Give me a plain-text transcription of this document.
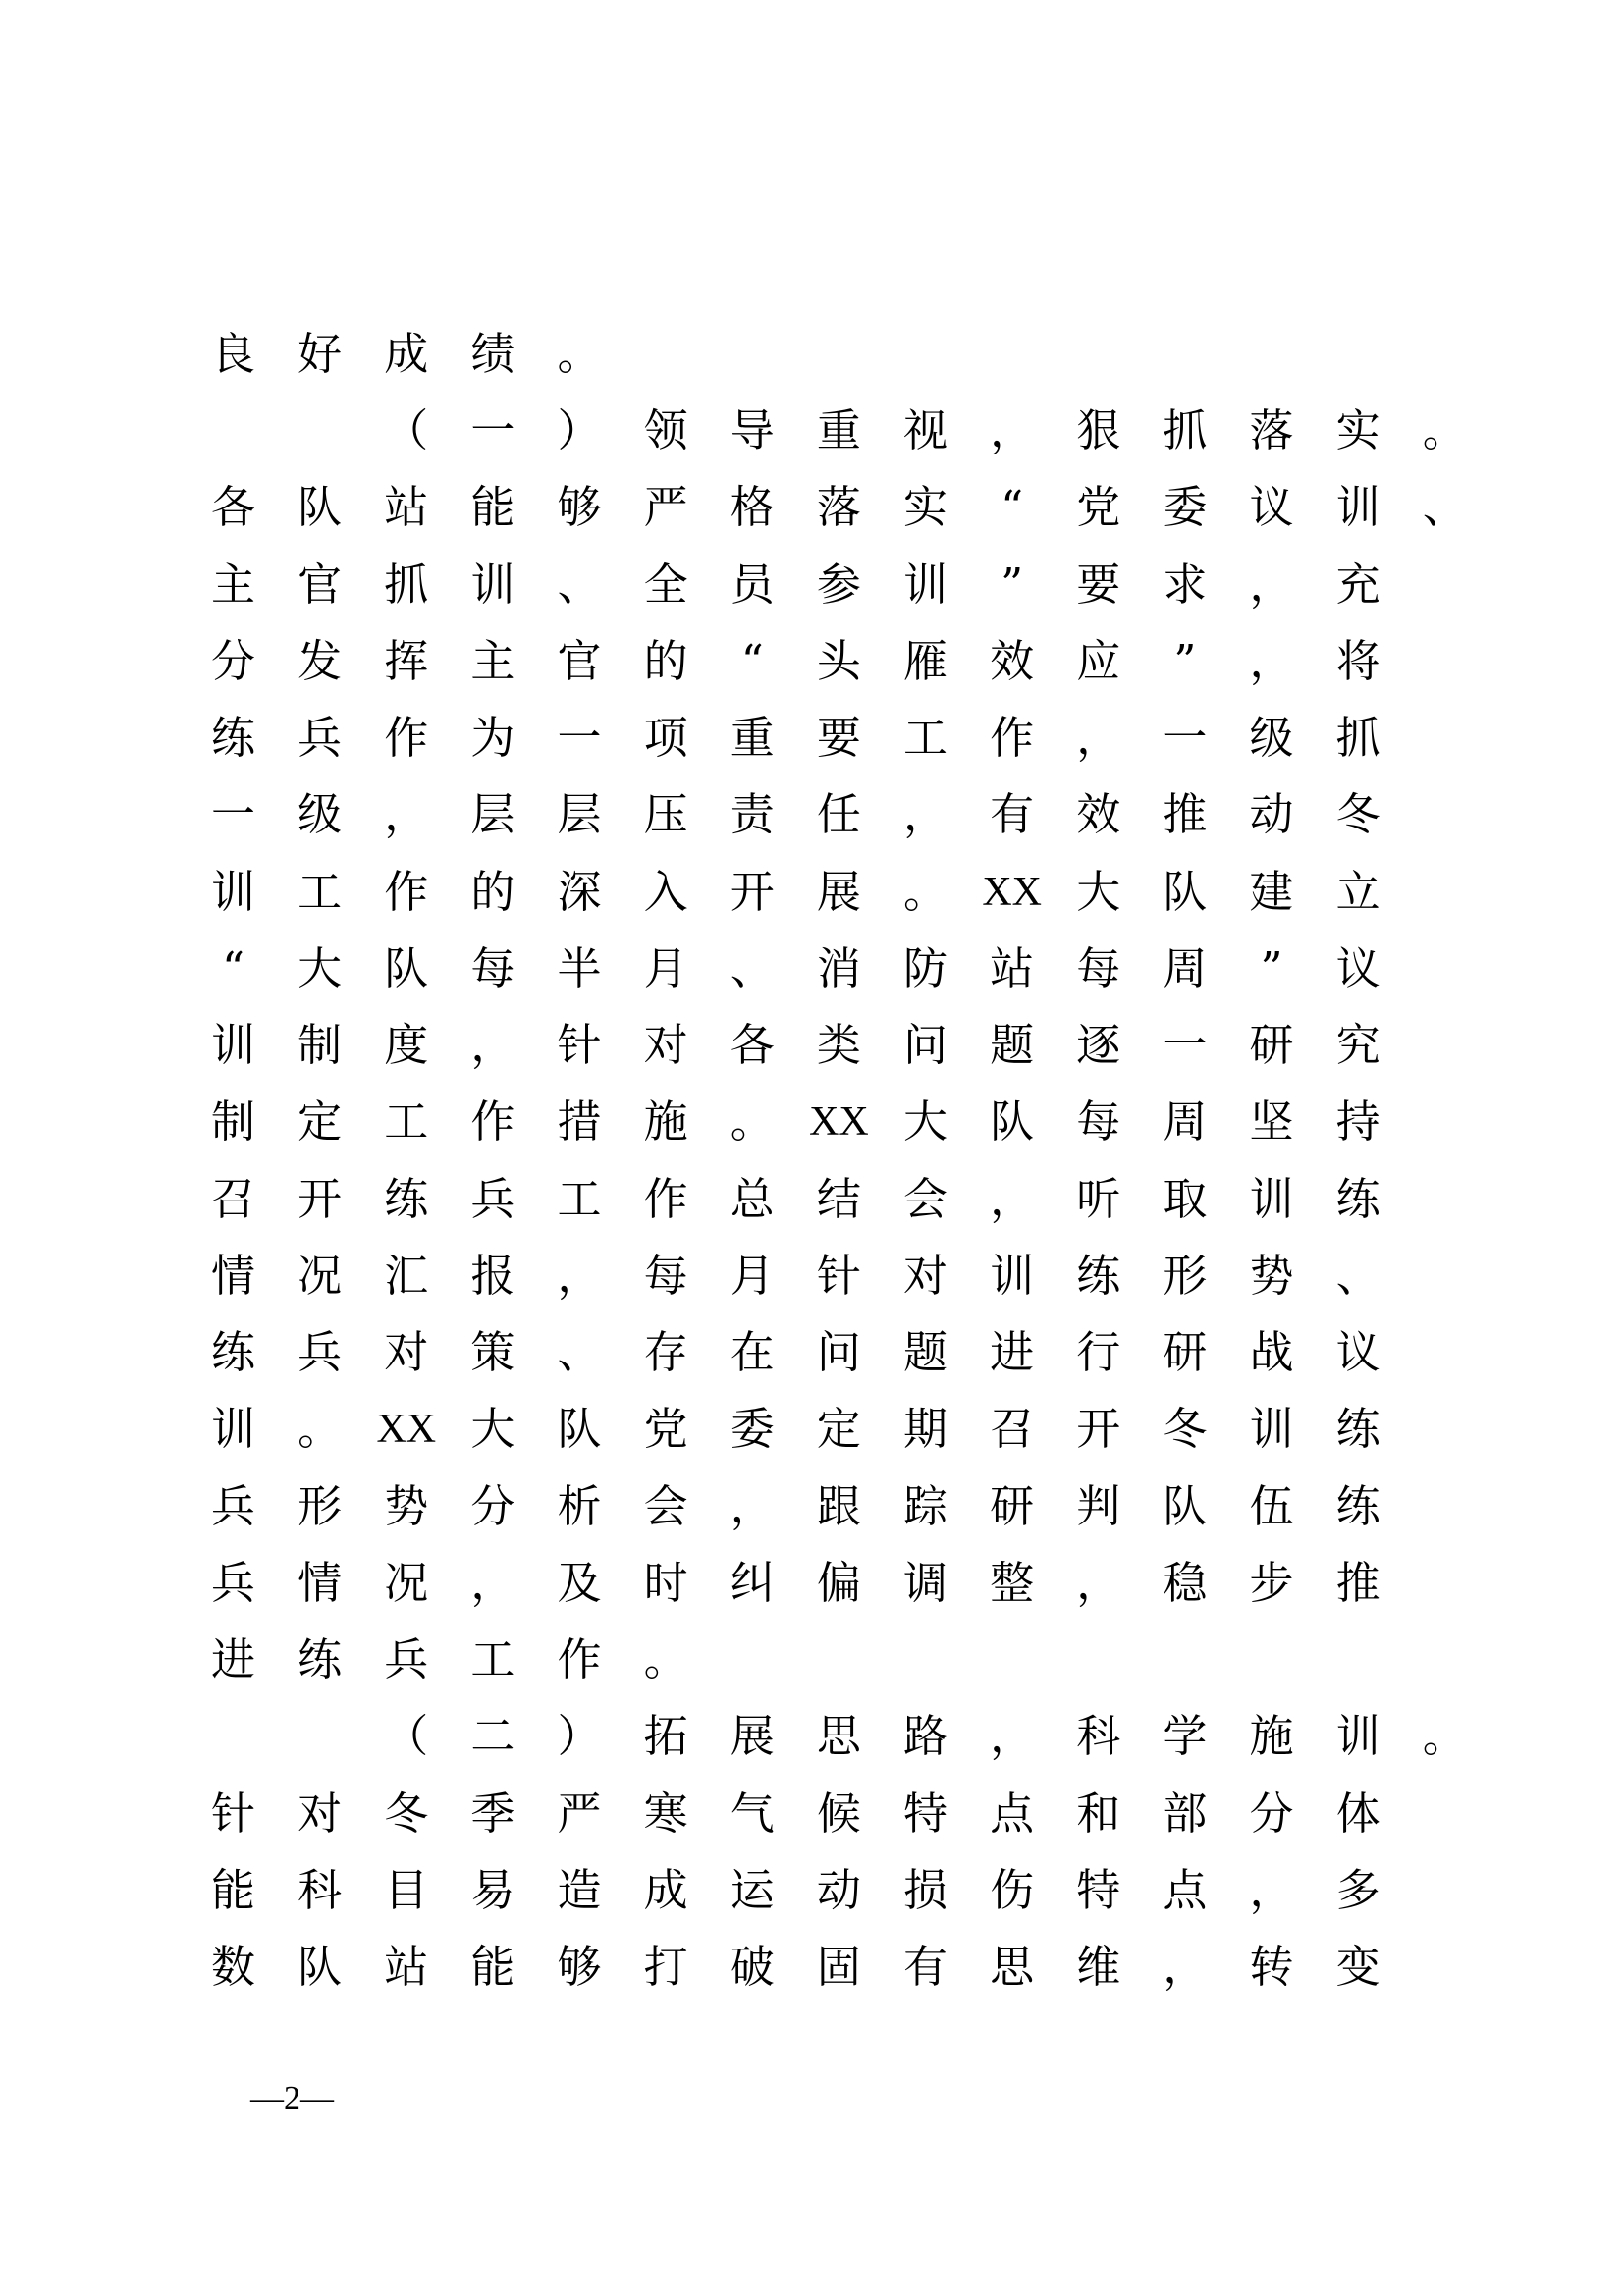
良 好 成 绩 。
（ 一 ） 领 导 重 视 ， 狠 抓 落 实 。
各 队 站 能 够 严 格 落 实	“	党 委 议 训 、
主 官 抓 训 、 全 员 参 训	”	要 求 ， 充
分 发 挥 主 官 的	“	头 雁 效 应	”	， 将
练 兵 作 为 一 项 重 要 工 作 ， 一 级 抓
一 级 ， 层 层 压 责 任 ， 有 效 推 动 冬
训 工 作 的 深 入 开 展 。 XX 大 队 建 立
“	大 队 每 半 月 、 消 防 站 每 周	”	议
训 制 度 ， 针 对 各 类 问 题 逐 一 研 究
制 定 工 作 措 施 。 XX 大 队 每 周 坚 持
召 开 练 兵 工 作 总 结 会 ， 听 取 训 练
情 况 汇 报 ， 每 月 针 对 训 练 形 势 、
练 兵 对 策 、 存 在 问 题 进 行 研 战 议
训 。 XX 大 队 党 委 定 期 召 开 冬 训 练
兵 形 势 分 析 会 ， 跟 踪 研 判 队 伍 练
兵 情 况 ， 及 时 纠 偏 调 整 ， 稳 步 推
进 练 兵 工 作 。
（ 二 ） 拓 展 思 路 ， 科 学 施 训 。
针 对 冬 季 严 寒 气 候 特 点 和 部 分 体
能 科 目 易 造 成 运 动 损 伤 特 点 ， 多
数 队 站 能 够 打 破 固 有 思 维 ， 转 变
—2—
